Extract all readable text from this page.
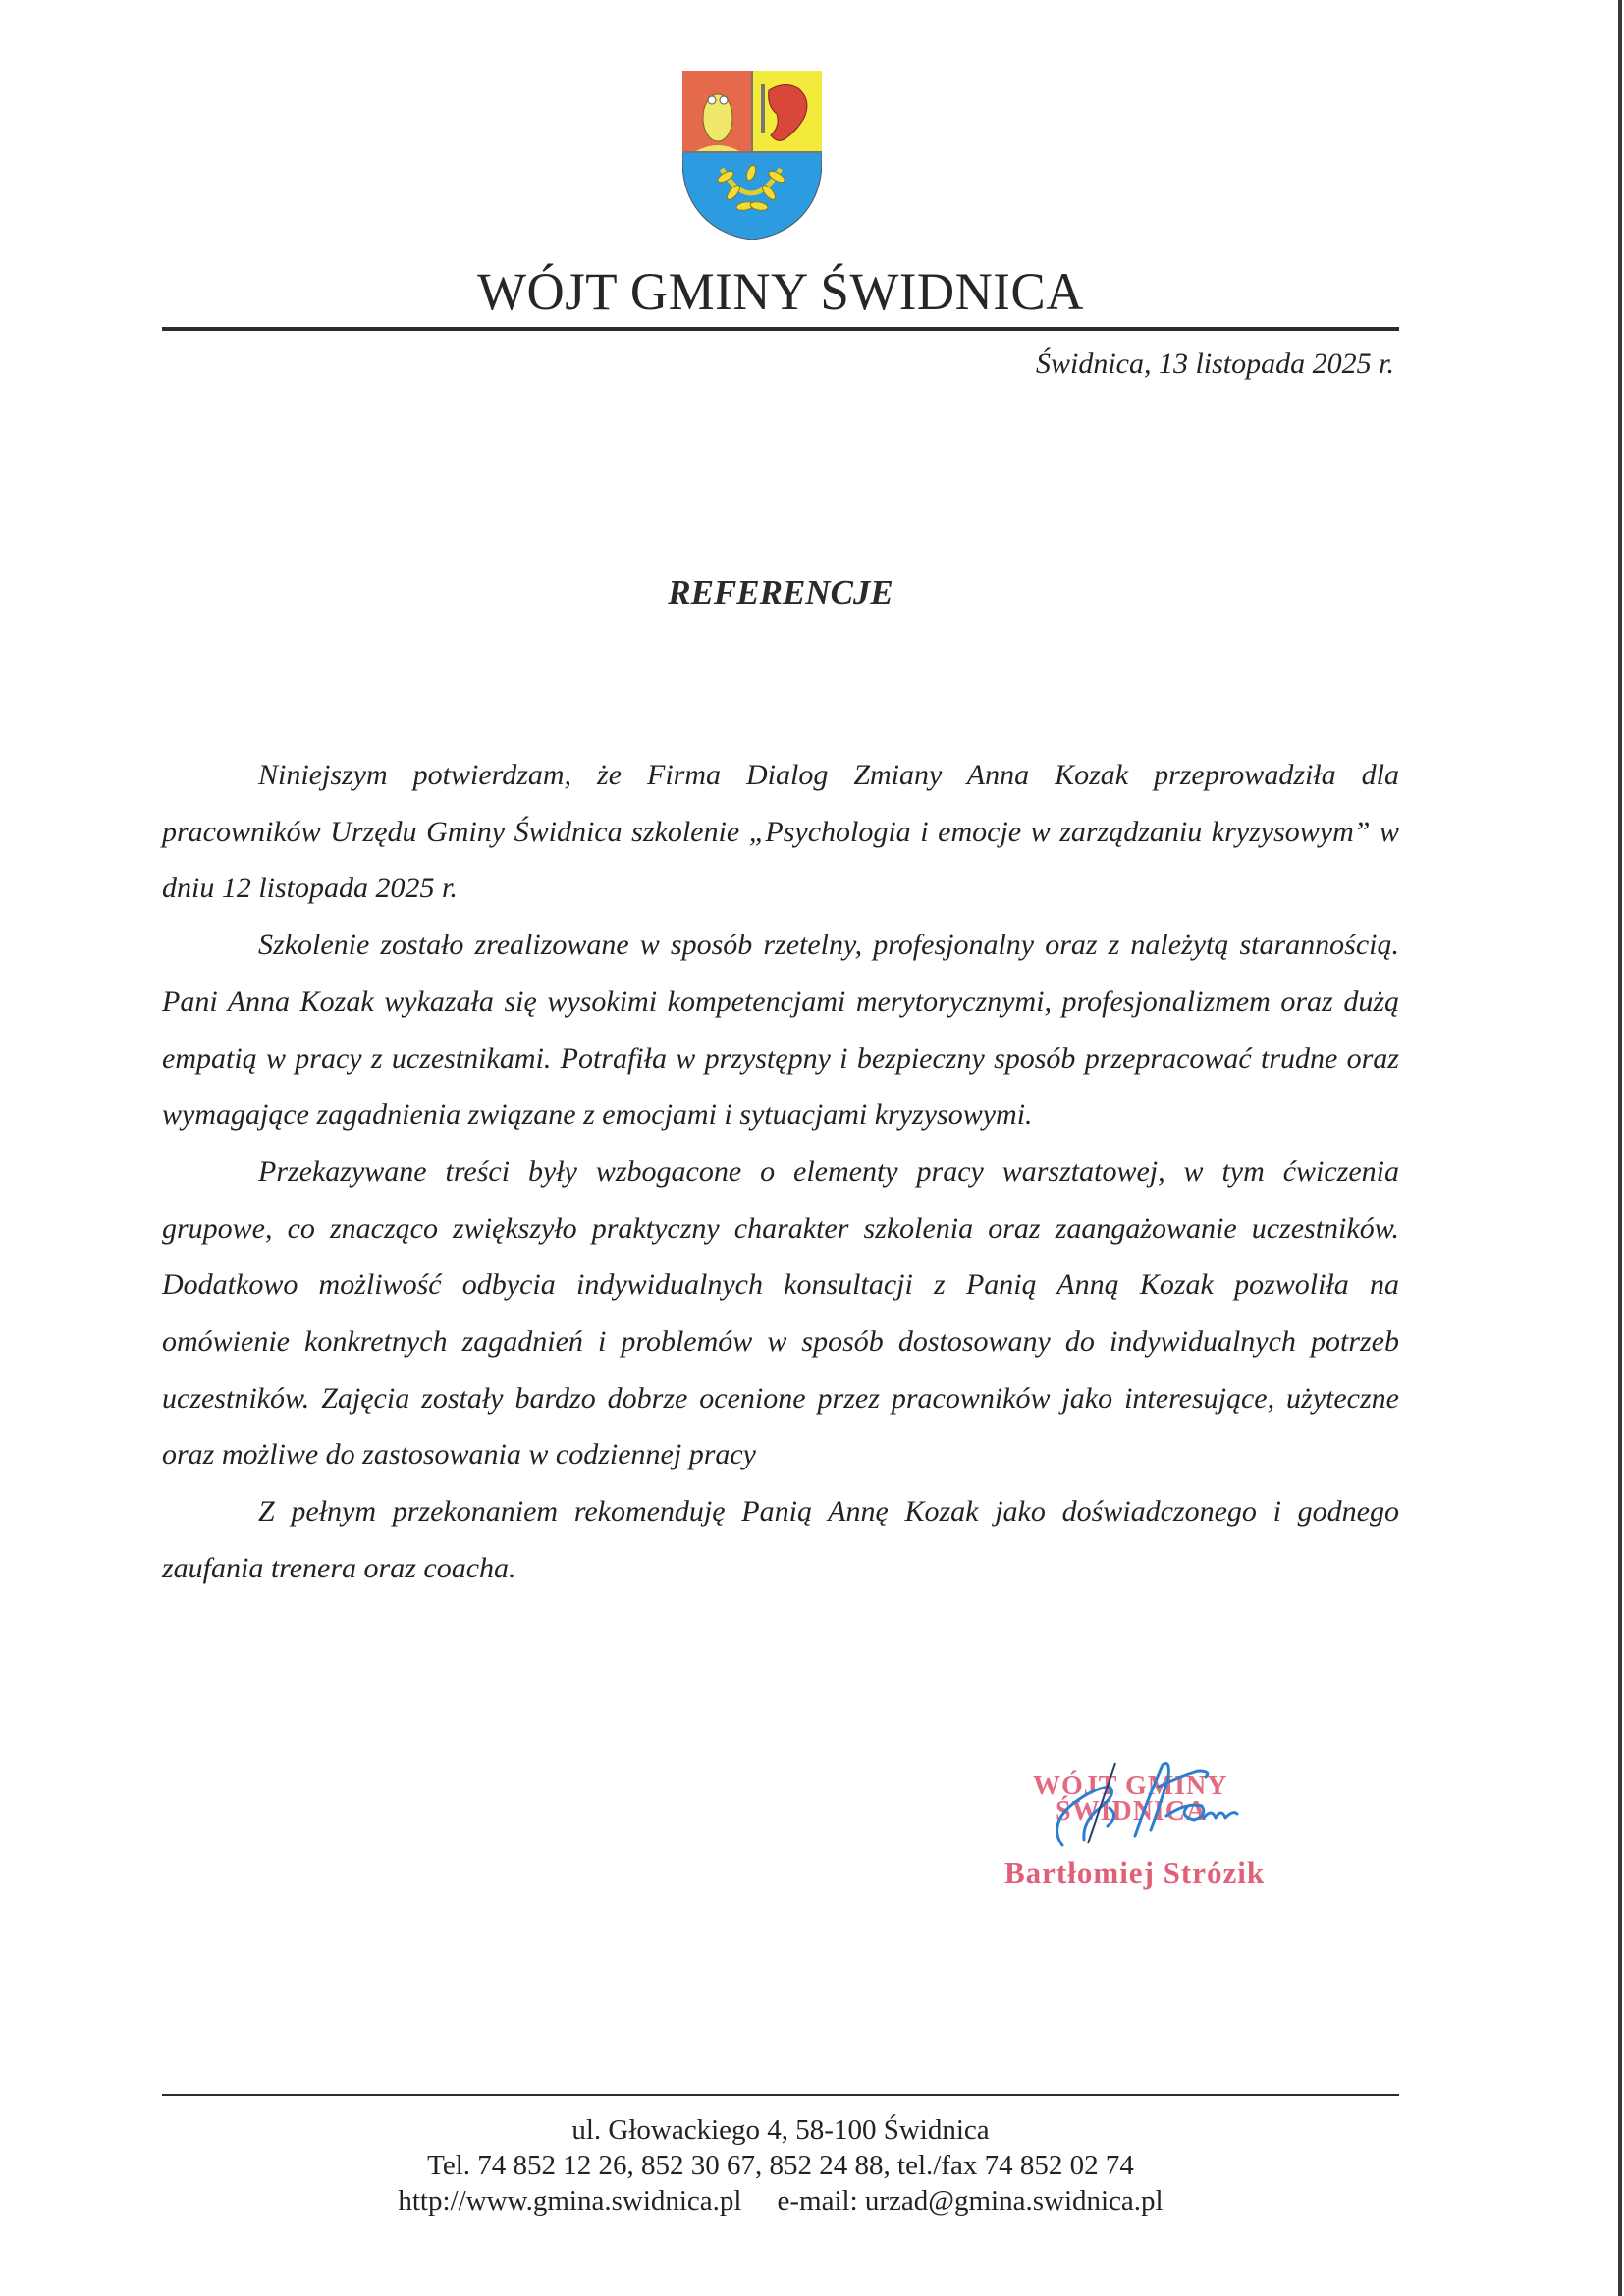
WÓJT GMINY ŚWIDNICA
Świdnica, 13 listopada 2025 r.
REFERENCJE

Niniejszym potwierdzam, że Firma Dialog Zmiany Anna Kozak przeprowadziła dla pracowników Urzędu Gminy Świdnica szkolenie „Psychologia i emocje w zarządzaniu kryzysowym” w dniu 12 listopada 2025 r.

Szkolenie zostało zrealizowane w sposób rzetelny, profesjonalny oraz z należytą starannością. Pani Anna Kozak wykazała się wysokimi kompetencjami merytorycznymi, profesjonalizmem oraz dużą empatią w pracy z uczestnikami. Potrafiła w przystępny i bezpieczny sposób przepracować trudne oraz wymagające zagadnienia związane z emocjami i sytuacjami kryzysowymi.

Przekazywane treści były wzbogacone o elementy pracy warsztatowej, w tym ćwiczenia grupowe, co znacząco zwiększyło praktyczny charakter szkolenia oraz zaangażowanie uczestników. Dodatkowo możliwość odbycia indywidualnych konsultacji z Panią Anną Kozak pozwoliła na omówienie konkretnych zagadnień i problemów w sposób dostosowany do indywidualnych potrzeb uczestników. Zajęcia zostały bardzo dobrze ocenione przez pracowników jako interesujące, użyteczne oraz możliwe do zastosowania w codziennej pracy

Z pełnym przekonaniem rekomenduję Panią Annę Kozak jako doświadczonego i godnego zaufania trenera oraz coacha.

WÓJT GMINY
ŚWIDNICA
Bartłomiej Strózik
ul. Głowackiego 4, 58-100 Świdnica
Tel. 74 852 12 26, 852 30 67, 852 24 88, tel./fax 74 852 02 74
http://www.gmina.swidnica.pl e-mail: urzad@gmina.swidnica.pl
